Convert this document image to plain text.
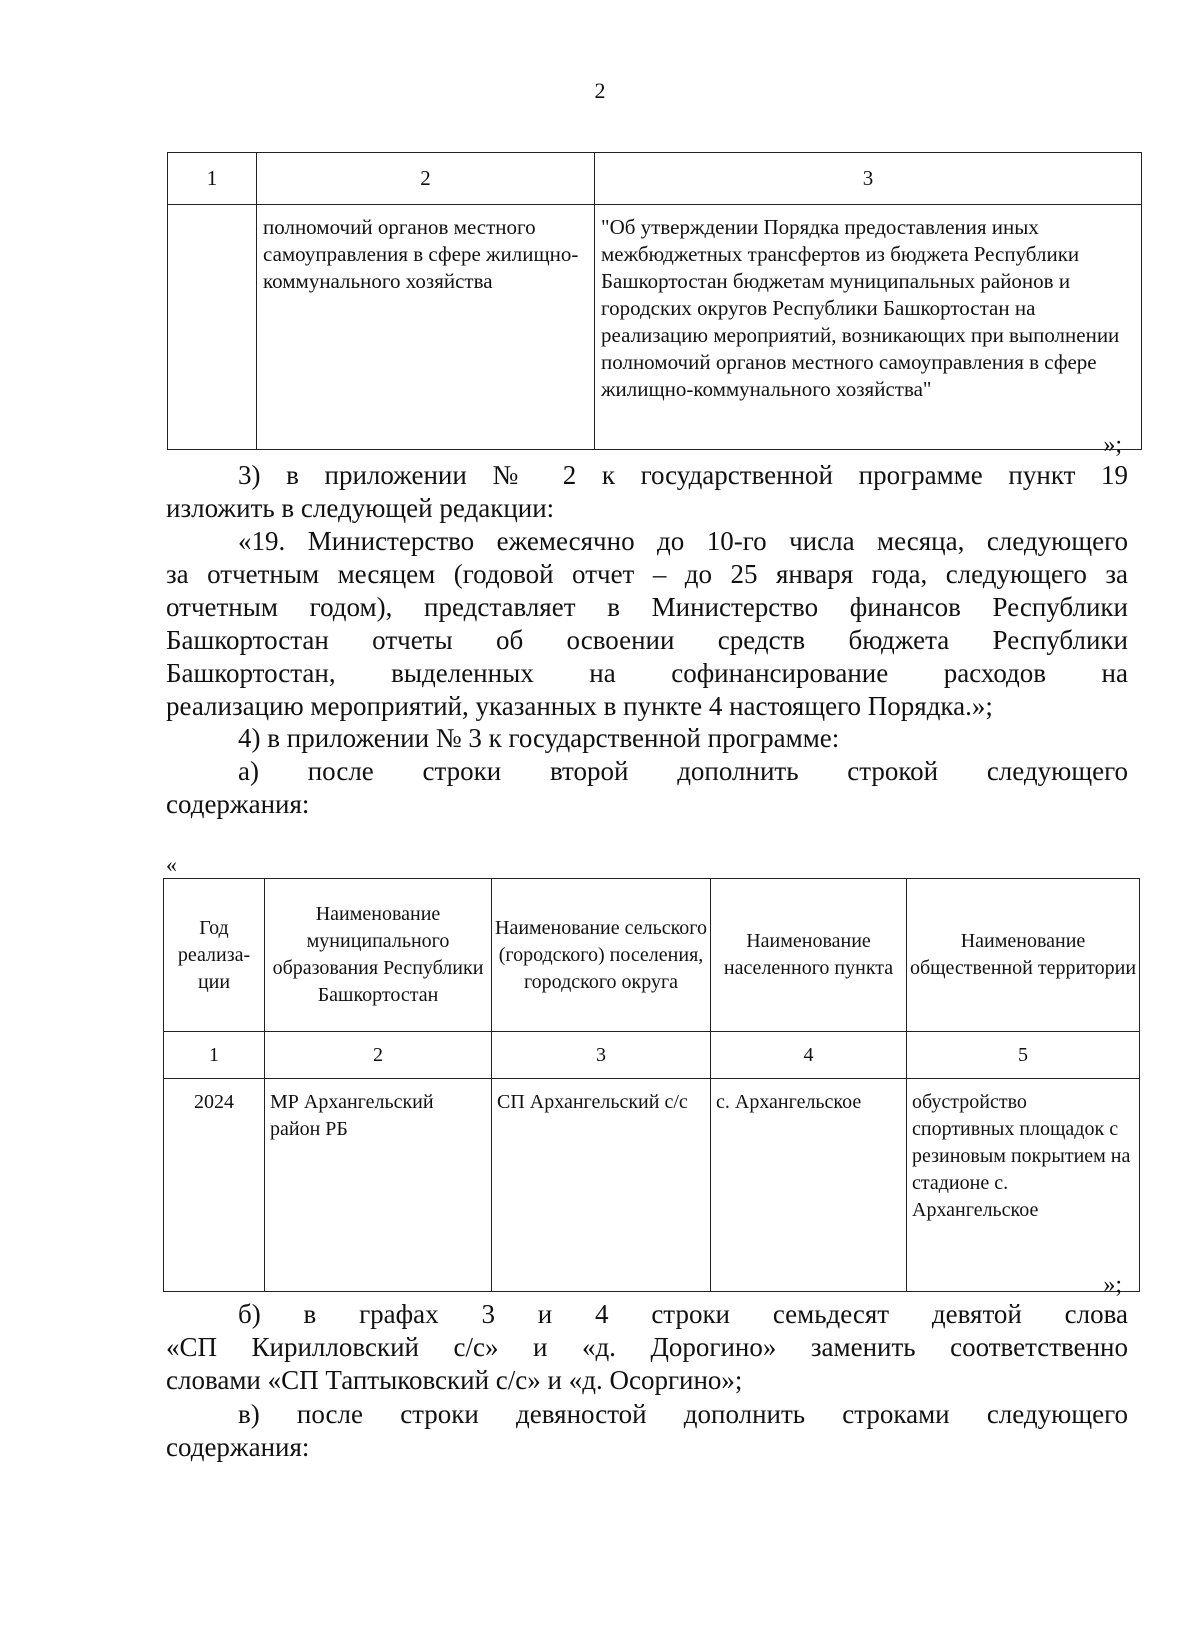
2
1	2	3
	полномочий органов местного самоуправления в сфере жилищно-коммунального хозяйства	"Об утверждении Порядка предоставления иных межбюджетных трансфертов из бюджета Республики Башкортостан бюджетам муниципальных районов и городских округов Республики Башкортостан на реализацию мероприятий, возникающих при выполнении полномочий органов местного самоуправления в сфере жилищно-коммунального хозяйства"
»;
3) в приложении № 2 к государственной программе пункт 19
изложить в следующей редакции:
«19. Министерство ежемесячно до 10-го числа месяца, следующего
за отчетным месяцем (годовой отчет – до 25 января года, следующего за
отчетным годом), представляет в Министерство финансов Республики
Башкортостан отчеты об освоении средств бюджета Республики
Башкортостан, выделенных на софинансирование расходов на
реализацию мероприятий, указанных в пункте 4 настоящего Порядка.»;
4) в приложении № 3 к государственной программе:
а) после строки второй дополнить строкой следующего
содержания:
«
Год реализа-ции	Наименование муниципального образования Республики Башкортостан	Наименование сельского (городского) поселения, городского округа	Наименование населенного пункта	Наименование общественной территории
1	2	3	4	5
2024	МР Архангельский район РБ	СП Архангельский с/с	с. Архангельское	обустройство спортивных площадок с резиновым покрытием на стадионе с. Архангельское
»;
б) в графах 3 и 4 строки семьдесят девятой слова
«СП Кирилловский с/с» и «д. Дорогино» заменить соответственно
словами «СП Таптыковский с/с» и «д. Осоргино»;
в) после строки девяностой дополнить строками следующего
содержания:
